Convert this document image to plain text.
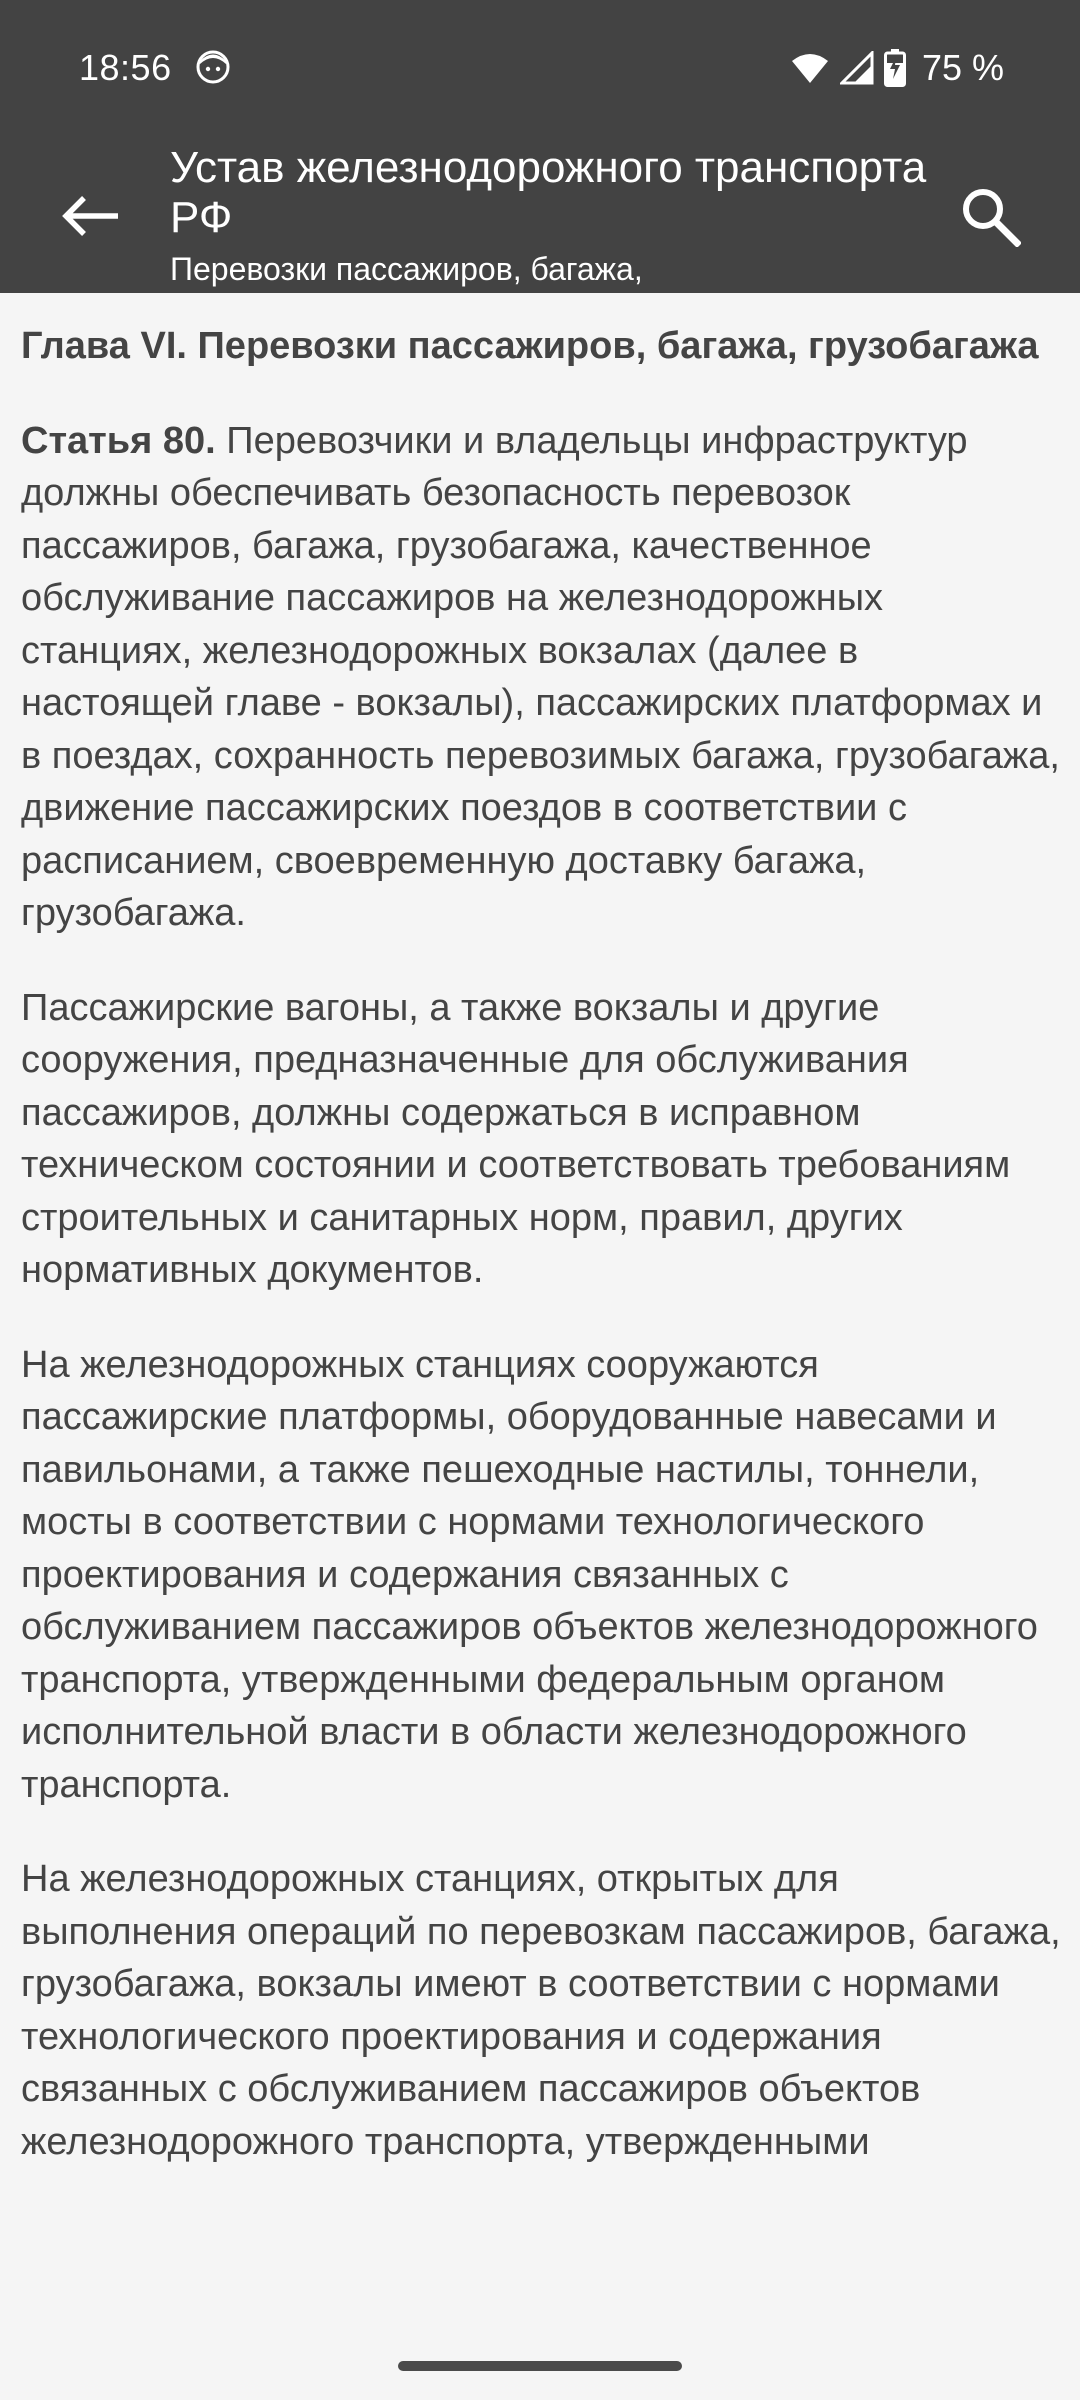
18:56	75 %
Устав железнодорожного транспорта РФ
Перевозки пассажиров, багажа,
Глава VI. Перевозки пассажиров, багажа, грузобагажа

Статья 80. Перевозчики и владельцы инфраструктур должны обеспечивать безопасность перевозок пассажиров, багажа, грузобагажа, качественное обслуживание пассажиров на железнодорожных станциях, железнодорожных вокзалах (далее в настоящей главе - вокзалы), пассажирских платформах и в поездах, сохранность перевозимых багажа, грузобагажа, движение пассажирских поездов в соответствии с расписанием, своевременную доставку багажа, грузобагажа.

Пассажирские вагоны, а также вокзалы и другие сооружения, предназначенные для обслуживания пассажиров, должны содержаться в исправном техническом состоянии и соответствовать требованиям строительных и санитарных норм, правил, других нормативных документов.

На железнодорожных станциях сооружаются пассажирские платформы, оборудованные навесами и павильонами, а также пешеходные настилы, тоннели, мосты в соответствии с нормами технологического проектирования и содержания связанных с обслуживанием пассажиров объектов железнодорожного транспорта, утвержденными федеральным органом исполнительной власти в области железнодорожного транспорта.

На железнодорожных станциях, открытых для выполнения операций по перевозкам пассажиров, багажа, грузобагажа, вокзалы имеют в соответствии с нормами технологического проектирования и содержания связанных с обслуживанием пассажиров объектов железнодорожного транспорта, утвержденными
